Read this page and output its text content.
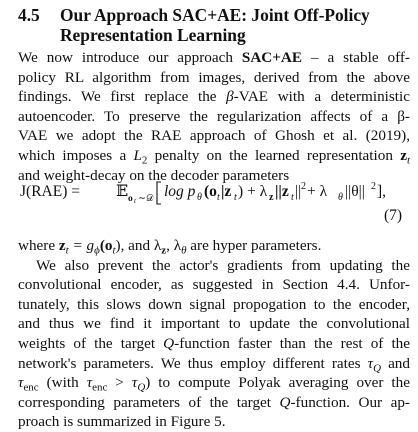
4.5 Our Approach SAC+AE: Joint Off-Policy
Representation Learning
We now introduce our approach SAC+AE – a stable off-
policy RL algorithm from images, derived from the above
findings. We first replace the β-VAE with a deterministic
autoencoder. To preserve the regularization affects of a β-
VAE we adopt the RAE approach of Ghosh et al. (2019),
which imposes a $L_2$ penalty on the learned representation $z_t$
and weight-decay on the decoder parameters
J(RAE) = 𝔼 o t ∼𝒟 log p θ (o t |z t ) + λ z ||z t || 2 + λ θ ||θ|| 2 ],
(7)
where $z_t = g_\phi(o_t)$, and $\lambda_z$, $\lambda_\theta$ are hyper parameters.
We also prevent the actor's gradients from updating the
convolutional encoder, as suggested in Section 4.4. Unfor-
tunately, this slows down signal propogation to the encoder,
and thus we find it important to update the convolutional
weights of the target Q-function faster than the rest of the
network's parameters. We thus employ different rates $\tau_Q$ and
$\tau_{enc}$ (with $\tau_{enc} > \tau_Q$) to compute Polyak averaging over the
corresponding parameters of the target Q-function. Our ap-
proach is summarized in Figure 5.
